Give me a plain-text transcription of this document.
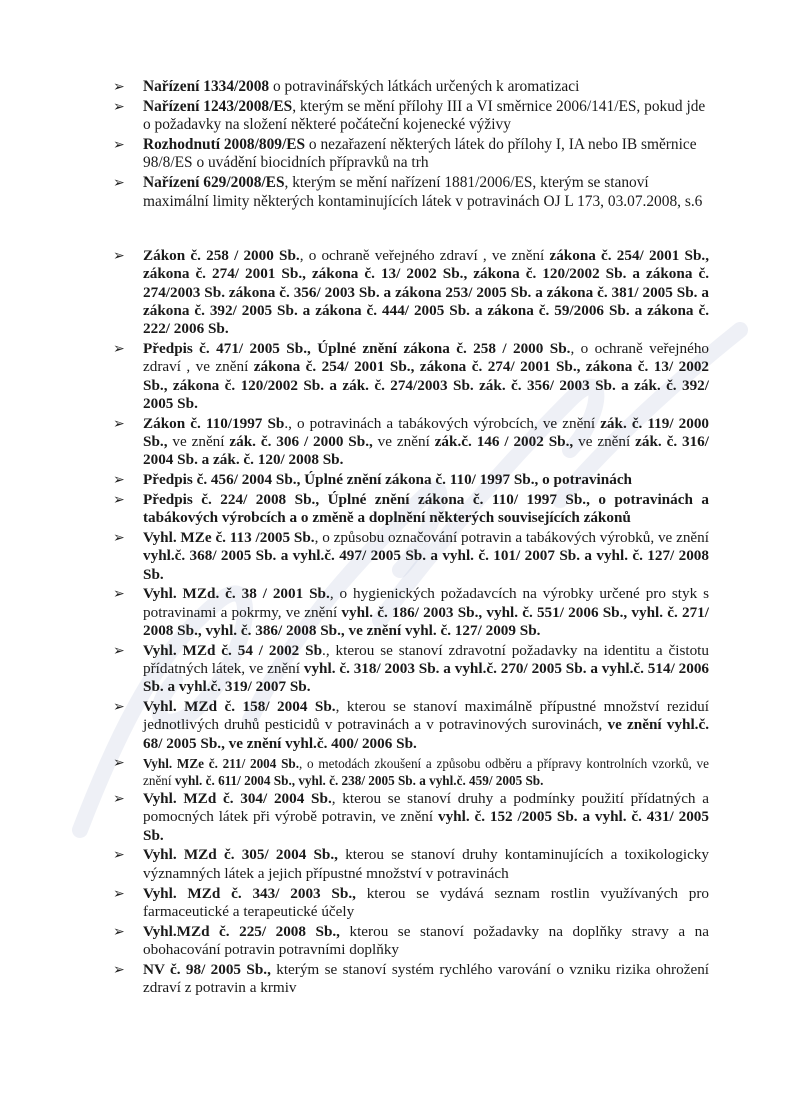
➢ Nařízení 1334/2008 o potravinářských látkách určených k aromatizaci
➢ Nařízení 1243/2008/ES, kterým se mění přílohy III a VI směrnice 2006/141/ES, pokud jde o požadavky na složení některé počáteční kojenecké výživy
➢ Rozhodnutí 2008/809/ES o nezařazení některých látek do přílohy I, IA nebo IB směrnice 98/8/ES o uvádění biocidních přípravků na trh
➢ Nařízení 629/2008/ES, kterým se mění nařízení 1881/2006/ES, kterým se stanoví maximální limity některých kontaminujících látek v potravinách OJ L 173, 03.07.2008, s.6
➢ Zákon č. 258 / 2000 Sb., o ochraně veřejného zdraví , ve znění zákona č. 254/ 2001 Sb., zákona č. 274/ 2001 Sb., zákona č. 13/ 2002 Sb., zákona č. 120/2002 Sb. a zákona č. 274/2003 Sb. zákona č. 356/ 2003 Sb. a zákona 253/ 2005 Sb. a zákona č. 381/ 2005 Sb. a zákona č. 392/ 2005 Sb. a zákona č. 444/ 2005 Sb. a zákona č. 59/2006 Sb. a zákona č. 222/ 2006 Sb.
➢ Předpis č. 471/ 2005 Sb., Úplné znění zákona č. 258 / 2000 Sb., o ochraně veřejného zdraví , ve znění zákona č. 254/ 2001 Sb., zákona č. 274/ 2001 Sb., zákona č. 13/ 2002 Sb., zákona č. 120/2002 Sb. a zák. č. 274/2003 Sb. zák. č. 356/ 2003 Sb. a zák. č. 392/ 2005 Sb.
➢ Zákon č. 110/1997 Sb., o potravinách a tabákových výrobcích, ve znění zák. č. 119/ 2000 Sb., ve znění zák. č. 306 / 2000 Sb., ve znění zák.č. 146 / 2002 Sb., ve znění zák. č. 316/ 2004 Sb. a zák. č. 120/ 2008 Sb.
➢ Předpis č. 456/ 2004 Sb., Úplné znění zákona č. 110/ 1997 Sb., o potravinách
➢ Předpis č. 224/ 2008 Sb., Úplné znění zákona č. 110/ 1997 Sb., o potravinách a tabákových výrobcích a o změně a doplnění některých souvisejících zákonů
➢ Vyhl. MZe č. 113 /2005 Sb., o způsobu označování potravin a tabákových výrobků, ve znění vyhl.č. 368/ 2005 Sb. a vyhl.č. 497/ 2005 Sb. a vyhl. č. 101/ 2007 Sb. a vyhl. č. 127/ 2008 Sb.
➢ Vyhl. MZd. č. 38 / 2001 Sb., o hygienických požadavcích na výrobky určené pro styk s potravinami a pokrmy, ve znění vyhl. č. 186/ 2003 Sb., vyhl. č. 551/ 2006 Sb., vyhl. č. 271/ 2008 Sb., vyhl. č. 386/ 2008 Sb., ve znění vyhl. č. 127/ 2009 Sb.
➢ Vyhl. MZd č. 54 / 2002 Sb., kterou se stanoví zdravotní požadavky na identitu a čistotu přídatných látek, ve znění vyhl. č. 318/ 2003 Sb. a vyhl.č. 270/ 2005 Sb. a vyhl.č. 514/ 2006 Sb. a vyhl.č. 319/ 2007 Sb.
➢ Vyhl. MZd č. 158/ 2004 Sb., kterou se stanoví maximálně přípustné množství reziduí jednotlivých druhů pesticidů v potravinách a v potravinových surovinách, ve znění vyhl.č. 68/ 2005 Sb., ve znění vyhl.č. 400/ 2006 Sb.
➢ Vyhl. MZe č. 211/ 2004 Sb., o metodách zkoušení a způsobu odběru a přípravy kontrolních vzorků, ve znění vyhl. č. 611/ 2004 Sb., vyhl. č. 238/ 2005 Sb. a vyhl.č. 459/ 2005 Sb.
➢ Vyhl. MZd č. 304/ 2004 Sb., kterou se stanoví druhy a podmínky použití přídatných a pomocných látek při výrobě potravin, ve znění vyhl. č. 152 /2005 Sb. a vyhl. č. 431/ 2005 Sb.
➢ Vyhl. MZd č. 305/ 2004 Sb., kterou se stanoví druhy kontaminujících a toxikologicky významných látek a jejich přípustné množství v potravinách
➢ Vyhl. MZd č. 343/ 2003 Sb., kterou se vydává seznam rostlin využívaných pro farmaceutické a terapeutické účely
➢ Vyhl.MZd č. 225/ 2008 Sb., kterou se stanoví požadavky na doplňky stravy a na obohacování potravin potravními doplňky
➢ NV č. 98/ 2005 Sb., kterým se stanoví systém rychlého varování o vzniku rizika ohrožení zdraví z potravin a krmiv
